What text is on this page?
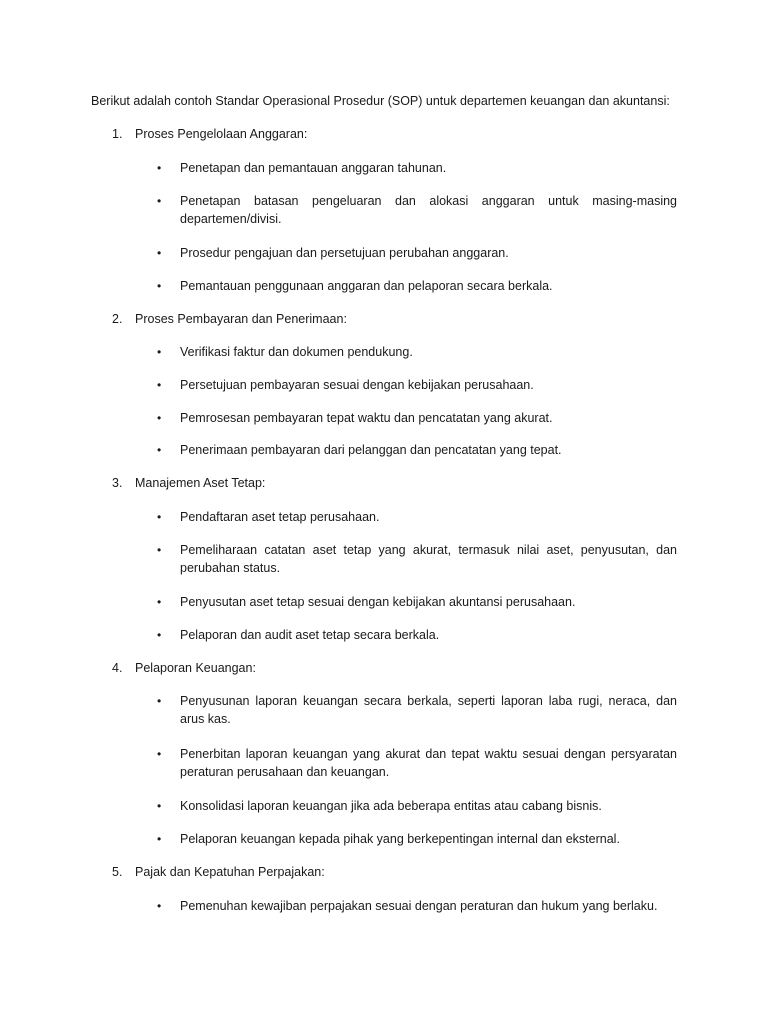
Berikut adalah contoh Standar Operasional Prosedur (SOP) untuk departemen keuangan dan akuntansi:
1. Proses Pengelolaan Anggaran:
• Penetapan dan pemantauan anggaran tahunan.
• Penetapan batasan pengeluaran dan alokasi anggaran untuk masing-masing departemen/divisi.
• Prosedur pengajuan dan persetujuan perubahan anggaran.
• Pemantauan penggunaan anggaran dan pelaporan secara berkala.
2. Proses Pembayaran dan Penerimaan:
• Verifikasi faktur dan dokumen pendukung.
• Persetujuan pembayaran sesuai dengan kebijakan perusahaan.
• Pemrosesan pembayaran tepat waktu dan pencatatan yang akurat.
• Penerimaan pembayaran dari pelanggan dan pencatatan yang tepat.
3. Manajemen Aset Tetap:
• Pendaftaran aset tetap perusahaan.
• Pemeliharaan catatan aset tetap yang akurat, termasuk nilai aset, penyusutan, dan perubahan status.
• Penyusutan aset tetap sesuai dengan kebijakan akuntansi perusahaan.
• Pelaporan dan audit aset tetap secara berkala.
4. Pelaporan Keuangan:
• Penyusunan laporan keuangan secara berkala, seperti laporan laba rugi, neraca, dan arus kas.
• Penerbitan laporan keuangan yang akurat dan tepat waktu sesuai dengan persyaratan peraturan perusahaan dan keuangan.
• Konsolidasi laporan keuangan jika ada beberapa entitas atau cabang bisnis.
• Pelaporan keuangan kepada pihak yang berkepentingan internal dan eksternal.
5. Pajak dan Kepatuhan Perpajakan:
• Pemenuhan kewajiban perpajakan sesuai dengan peraturan dan hukum yang berlaku.
